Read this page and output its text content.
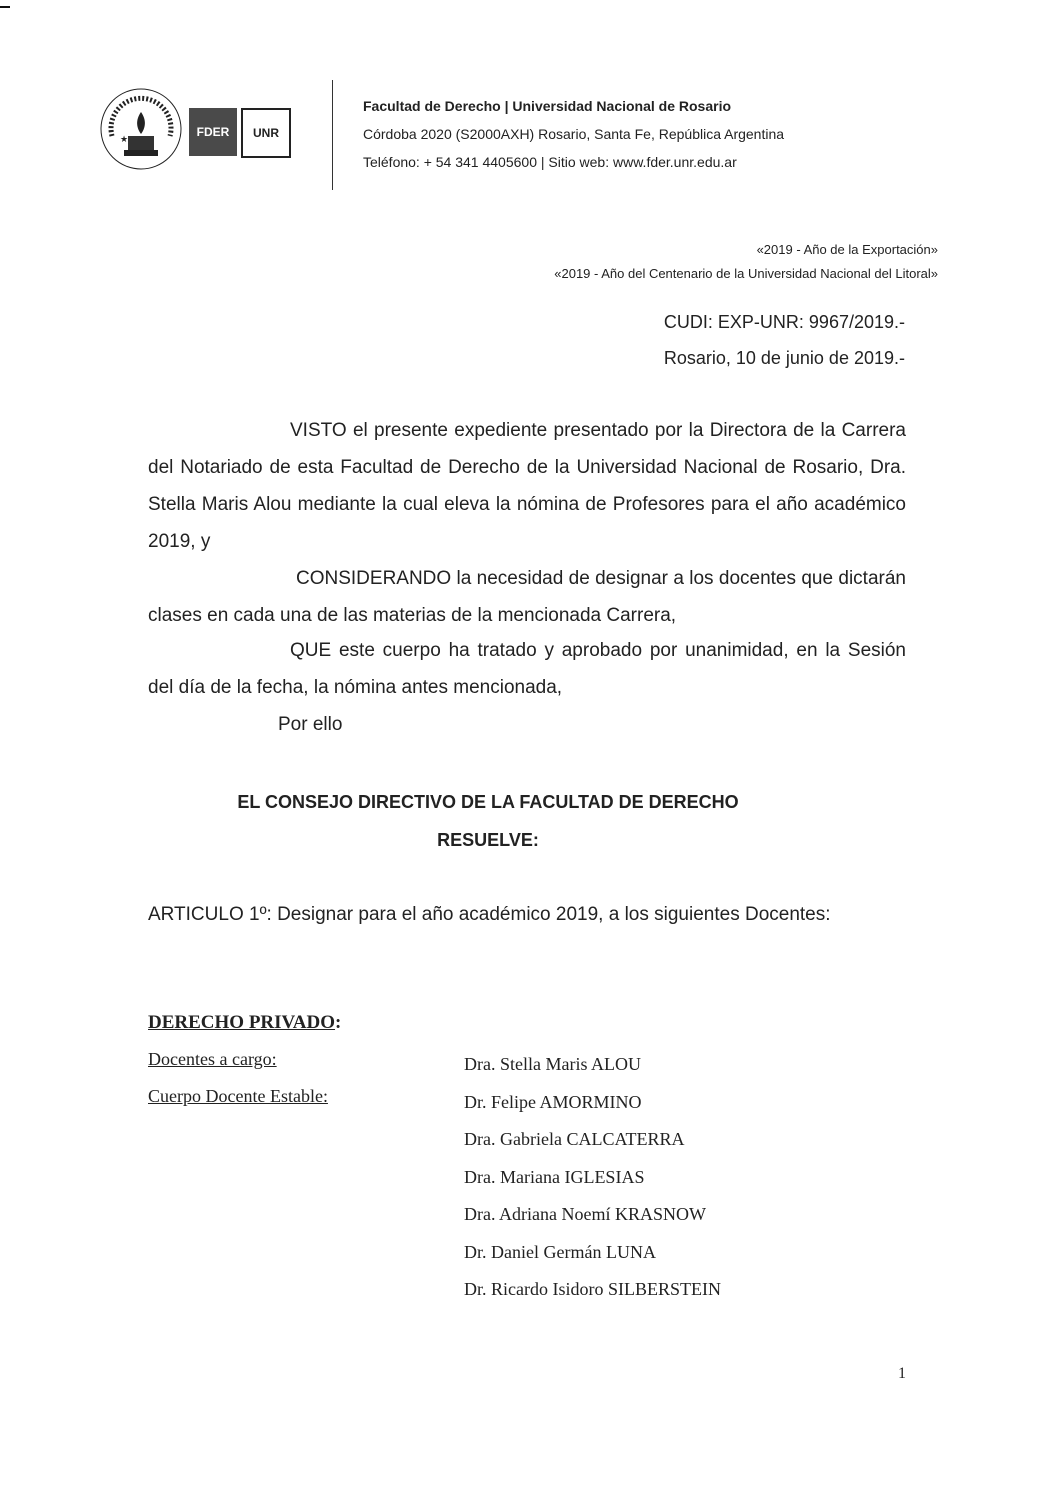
★
FDER	UNR
Facultad de Derecho | Universidad Nacional de Rosario
Córdoba 2020 (S2000AXH) Rosario, Santa Fe, República Argentina
Teléfono: + 54 341 4405600 | Sitio web: www.fder.unr.edu.ar
«2019 - Año de la Exportación»
«2019 - Año del Centenario de la Universidad Nacional del Litoral»
CUDI: EXP-UNR: 9967/2019.-
Rosario, 10 de junio de 2019.-

VISTO el presente expediente presentado por la Directora de la Carrera del Notariado de esta Facultad de Derecho de la Universidad Nacional de Rosario, Dra. Stella Maris Alou mediante la cual eleva la nómina de Profesores para el año académico 2019, y

CONSIDERANDO la necesidad de designar a los docentes que dictarán clases en cada una de las materias de la mencionada Carrera,

QUE este cuerpo ha tratado y aprobado por unanimidad, en la Sesión del día de la fecha, la nómina antes mencionada,

Por ello
EL CONSEJO DIRECTIVO DE LA FACULTAD DE DERECHO
RESUELVE:

ARTICULO 1º: Designar para el año académico 2019, a los siguientes Docentes:

DERECHO PRIVADO:
Docentes a cargo:
Cuerpo Docente Estable:
Dra. Stella Maris ALOU
Dr. Felipe AMORMINO
Dra. Gabriela CALCATERRA
Dra. Mariana IGLESIAS
Dra. Adriana Noemí KRASNOW
Dr. Daniel Germán LUNA
Dr. Ricardo Isidoro SILBERSTEIN
1
